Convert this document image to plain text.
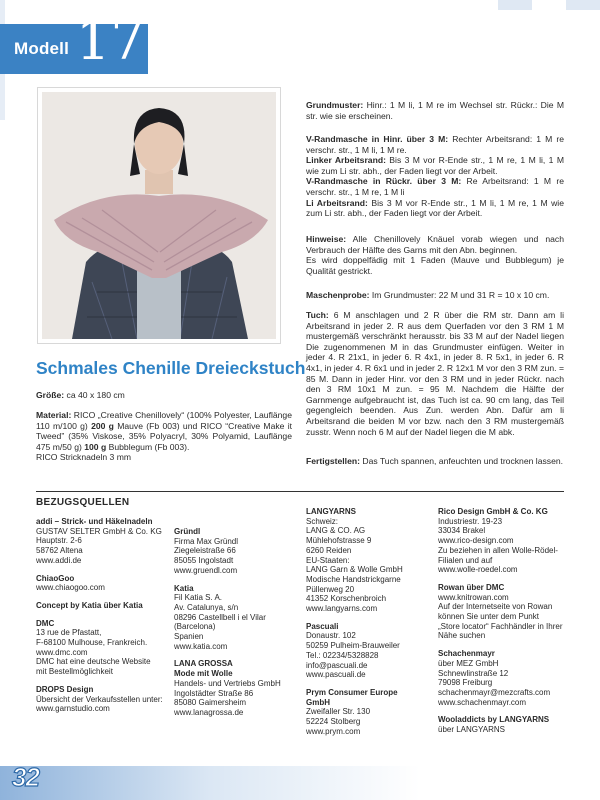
Modell 17
Schmales Chenille Dreieckstuch
Größe: ca 40 x 180 cm
Material: RICO „Creative Chenillovely“ (100% Polyester, Lauflänge 110 m/100 g) 200 g Mauve (Fb 003) und RICO “Creative Make it Tweed” (35% Viskose, 35% Polyacryl, 30% Polyamid, Lauflänge 475 m/50 g) 100 g Bubblegum (Fb 003).
RICO Stricknadeln 3 mm
Grundmuster: Hinr.: 1 M li, 1 M re im Wechsel str. Rückr.: Die M str. wie sie erscheinen.
V-Randmasche in Hinr. über 3 M: Rechter Arbeitsrand: 1 M re verschr. str., 1 M li, 1 M re.
Linker Arbeitsrand: Bis 3 M vor R-Ende str., 1 M re, 1 M li, 1 M wie zum Li str. abh., der Faden liegt vor der Arbeit.
V-Randmasche in Rückr. über 3 M: Re Arbeitsrand: 1 M re verschr. str., 1 M re, 1 M li
Li Arbeitsrand: Bis 3 M vor R-Ende str., 1 M li, 1 M re, 1 M wie zum Li str. abh., der Faden liegt vor der Arbeit.
Hinweise: Alle Chenillovely Knäuel vorab wiegen und nach Verbrauch der Hälfte des Garns mit den Abn. beginnen.
Es wird doppelfädig mit 1 Faden (Mauve und Bubblegum) je Qualität gestrickt.
Maschenprobe: Im Grundmuster: 22 M und 31 R = 10 x 10 cm.
Tuch: 6 M anschlagen und 2 R über die RM str. Dann am li Arbeitsrand in jeder 2. R aus dem Querfaden vor den 3 RM 1 M mustergemäß verschränkt herausstr. bis 33 M auf der Nadel liegen Die zugenommenen M in das Grundmuster einfügen. Weiter in jeder 4. R 21x1, in jeder 6. R 4x1, in jeder 8. R 5x1, in jeder 6. R 4x1, in jeder 4. R 6x1 und in jeder 2. R 12x1 M vor den 3 RM zun. = 85 M. Dann in jeder Hinr. vor den 3 RM und in jeder Rückr. nach den 3 RM 10x1 M zun. = 95 M. Nachdem die Hälfte der Garnmenge aufgebraucht ist, das Tuch ist ca. 90 cm lang, das Teil gegengleich beenden. Aus Zun. werden Abn. Dafür am li Arbeitsrand die beiden M vor bzw. nach den 3 RM mustergemäß zusstr. Wenn noch 6 M auf der Nadel liegen die M abk.
Fertigstellen: Das Tuch spannen, anfeuchten und trocknen lassen.
BEZUGSQUELLEN
addi – Strick- und Häkelnadeln
GUSTAV SELTER GmbH & Co. KG
Hauptstr. 2-6
58762 Altena
www.addi.de
ChiaoGoo
www.chiaogoo.com
Concept by Katia über Katia
DMC
13 rue de Pfastatt,
F-68100 Mulhouse, Frankreich.
www.dmc.com
DMC hat eine deutsche Website
mit Bestellmöglichkeit
DROPS Design
Übersicht der Verkaufsstellen unter:
www.garnstudio.com
Gründl
Firma Max Gründl
Ziegeleistraße 66
85055 Ingolstadt
www.gruendl.com
Katia
Fil Katia S. A.
Av. Catalunya, s/n
08296 Castellbell i el Vilar
(Barcelona)
Spanien
www.katia.com
LANA GROSSA
Mode mit Wolle
Handels- und Vertriebs GmbH
Ingolstädter Straße 86
85080 Gaimersheim
www.lanagrossa.de
LANGYARNS
Schweiz:
LANG & CO. AG
Mühlehofstrasse 9
6260 Reiden
EU-Staaten:
LANG Garn & Wolle GmbH
Modische Handstrickgarne
Püllenweg 20
41352 Korschenbroich
www.langyarns.com
Pascuali
Donaustr. 102
50259 Pulheim-Brauweiler
Tel.: 02234/5328828
info@pascuali.de
www.pascuali.de
Prym Consumer Europe
GmbH
Zweifaller Str. 130
52224 Stolberg
www.prym.com
Rico Design GmbH & Co. KG
Industriestr. 19-23
33034 Brakel
www.rico-design.com
Zu beziehen in allen Wolle-Rödel-
Filialen und auf
www.wolle-roedel.com
Rowan über DMC
www.knitrowan.com
Auf der Internetseite von Rowan
können Sie unter dem Punkt
„Store locator“ Fachhändler in Ihrer
Nähe suchen
Schachenmayr
über MEZ GmbH
Schnewlinstraße 12
79098 Freiburg
schachenmayr@mezcrafts.com
www.schachenmayr.com
Wooladdicts by LANGYARNS
über LANGYARNS
32	PassionForum.ru
